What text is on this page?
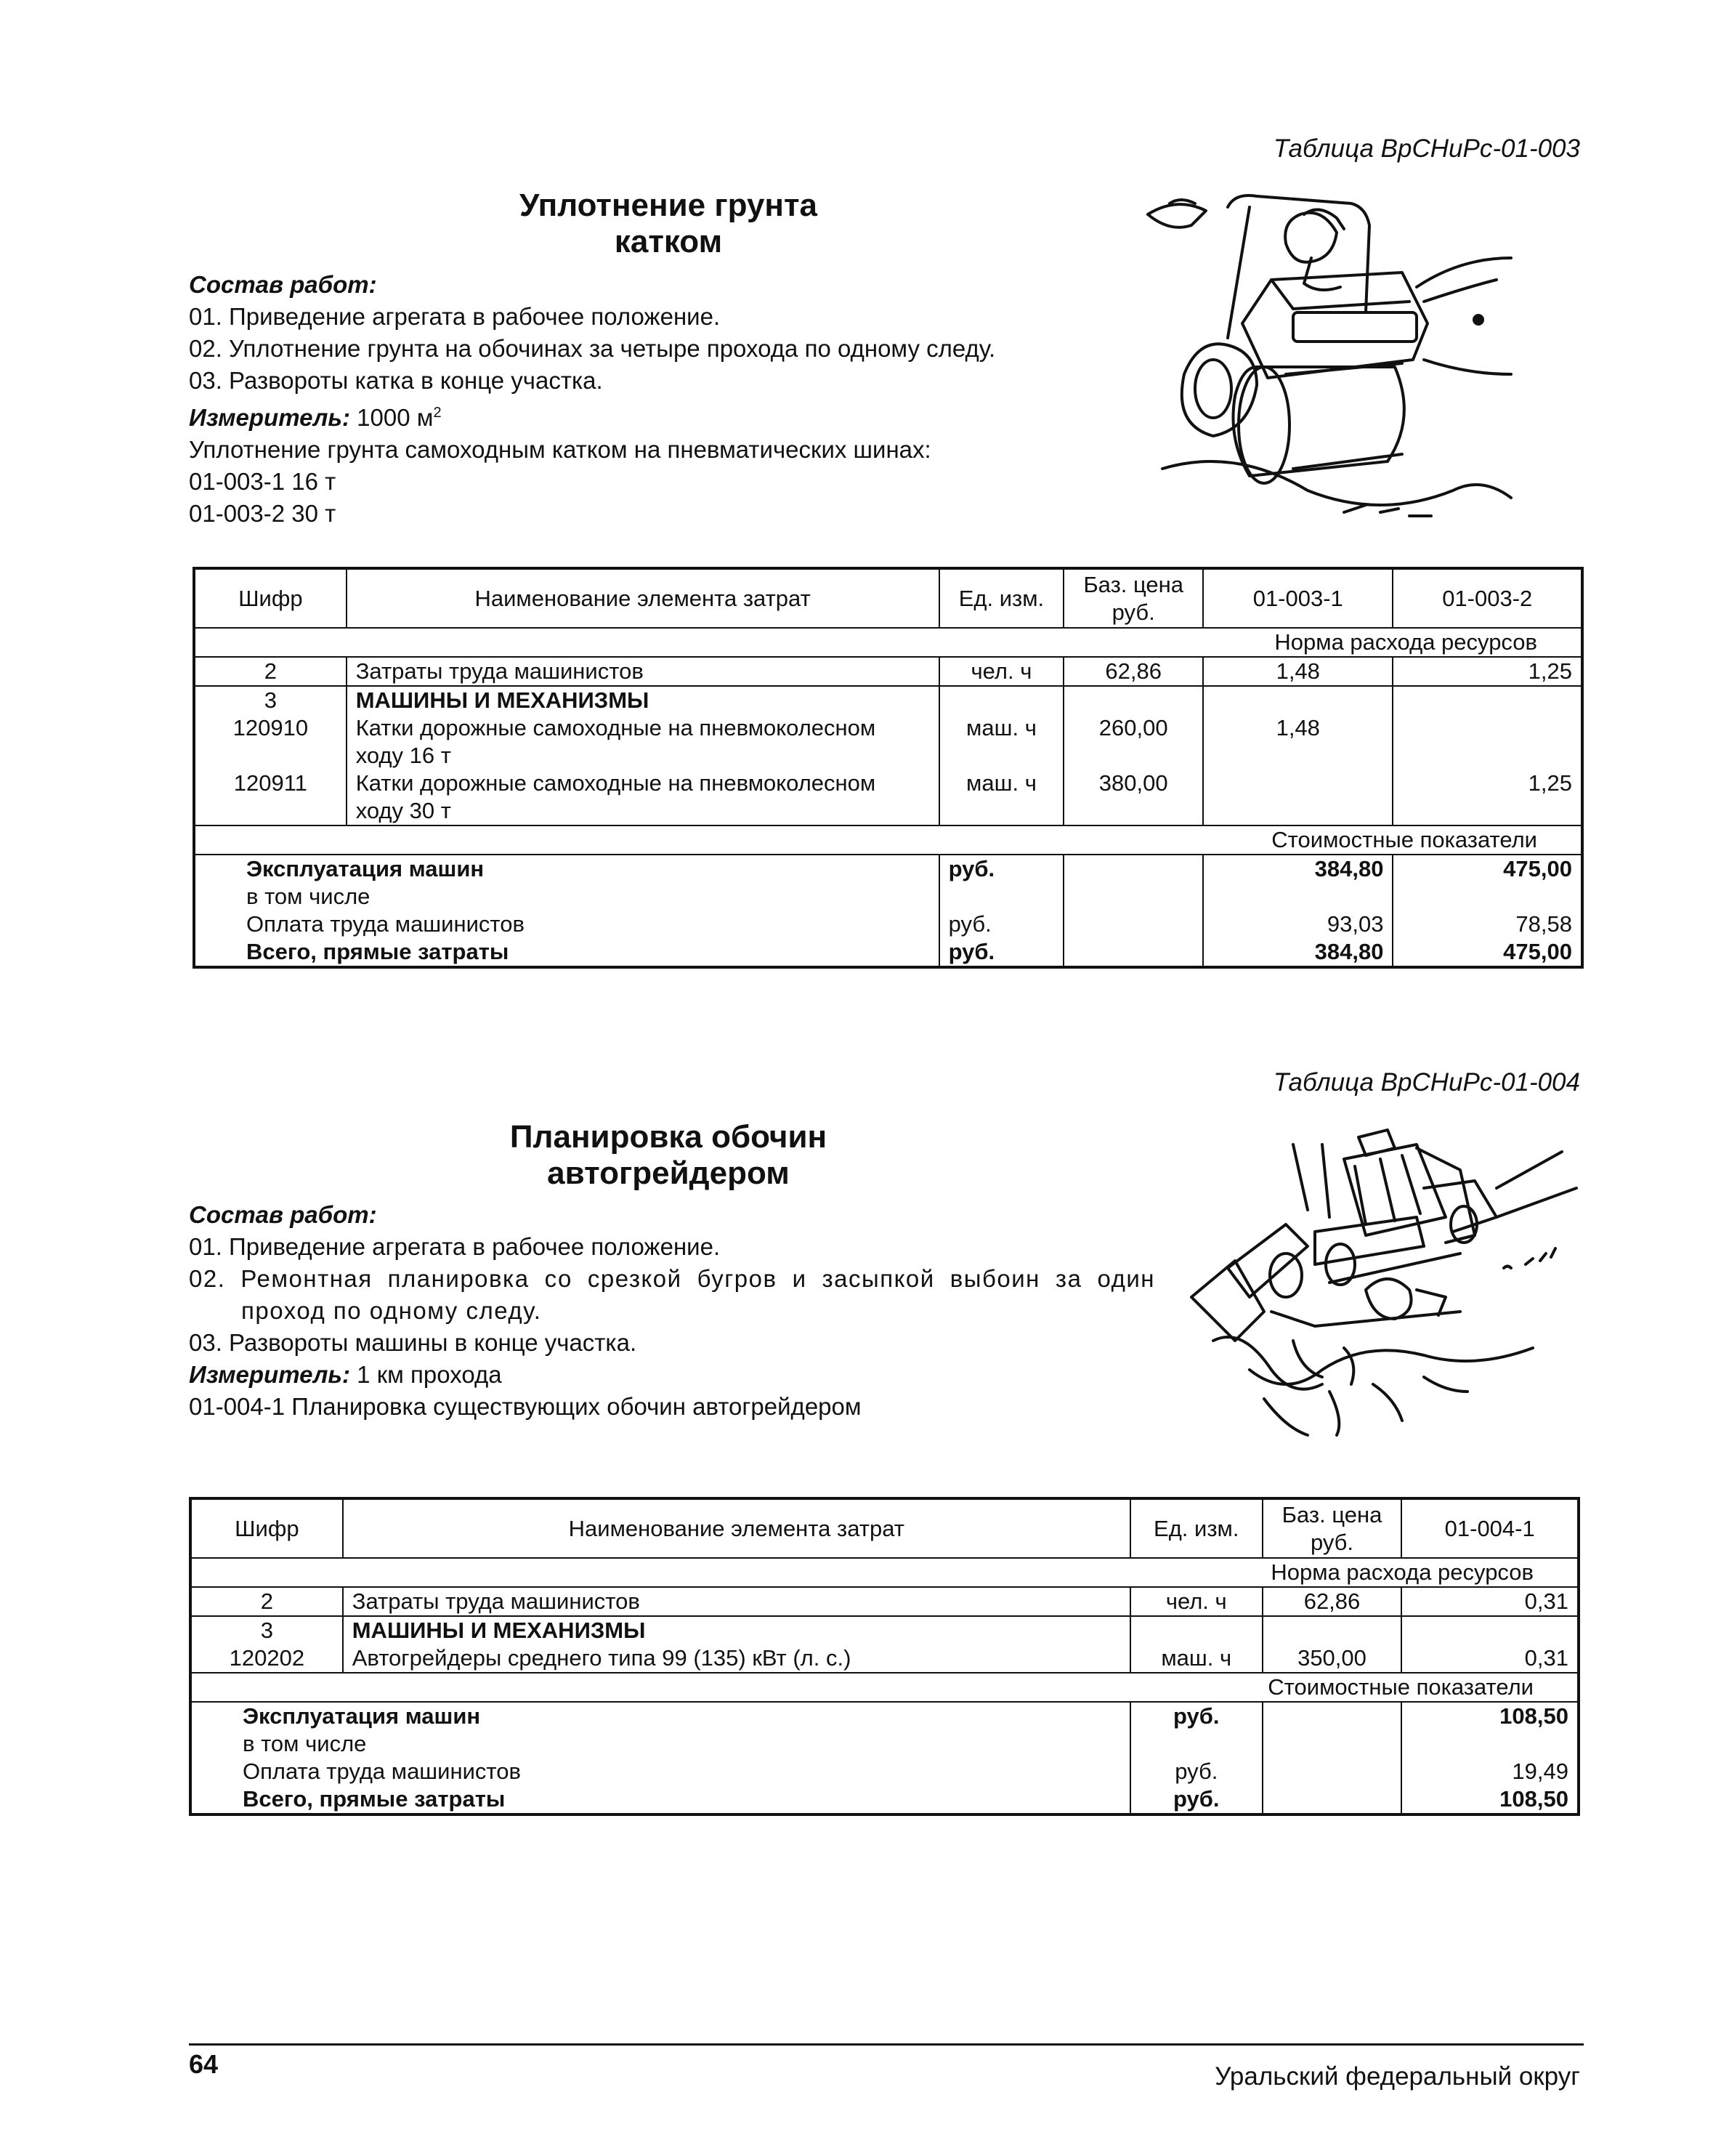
Таблица ВрСНиРс-01-003
Уплотнение грунта
катком
Состав работ:
01. Приведение агрегата в рабочее положение.
02. Уплотнение грунта на обочинах за четыре прохода по одному следу.
03. Развороты катка в конце участка.
Измеритель: 1000 $м^2$
Уплотнение грунта самоходным катком на пневматических шинах:
01-003-1 16 т
01-003-2 30 т
Шифр	Наименование элемента затрат	Ед. изм.	Баз. цена руб.	01-003-1	01-003-2
Норма расхода ресурсов					
2	Затраты труда машинистов	чел. ч	62,86	1,48	1,25
3	МАШИНЫ И МЕХАНИЗМЫ				
120910	Катки дорожные самоходные на пневмоколесном
ходу 16 т	маш. ч	260,00	1,48	
120911	Катки дорожные самоходные на пневмоколесном
ходу 30 т	маш. ч	380,00		1,25
Стоимостные показатели					
Эксплуатация машин		руб.		384,80	475,00
в том числе					
Оплата труда машинистов		руб.		93,03	78,58
Всего, прямые затраты		руб.		384,80	475,00
Таблица ВрСНиРс-01-004
Планировка обочин
автогрейдером
Состав работ:
01. Приведение агрегата в рабочее положение.
02. Ремонтная планировка со срезкой бугров и засыпкой выбоин за один проход по одному следу.
03. Развороты машины в конце участка.
Измеритель: 1 км прохода
01-004-1 Планировка существующих обочин автогрейдером
Шифр	Наименование элемента затрат	Ед. изм.	Баз. цена руб.	01-004-1
Норма расхода ресурсов				
2	Затраты труда машинистов	чел. ч	62,86	0,31
3	МАШИНЫ И МЕХАНИЗМЫ			
120202	Автогрейдеры среднего типа 99 (135) кВт (л. с.)	маш. ч	350,00	0,31
Стоимостные показатели				
Эксплуатация машин		руб.		108,50
в том числе				
Оплата труда машинистов		руб.		19,49
Всего, прямые затраты		руб.		108,50
64	Уральский федеральный округ
